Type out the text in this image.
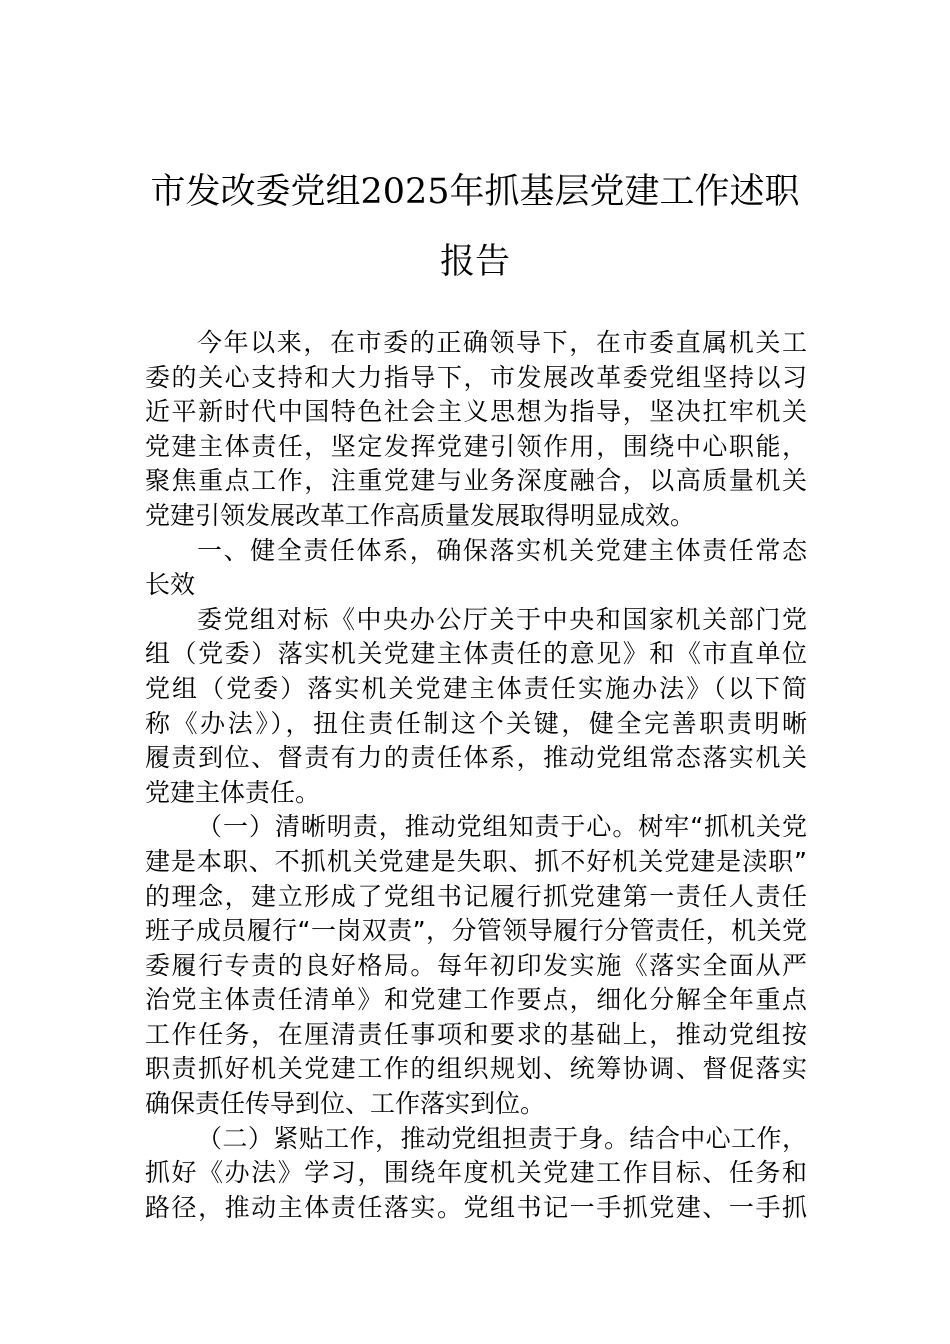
市发改委党组2025年抓基层党建工作述职
报告
今年以来，在市委的正确领导下，在市委直属机关工
委的关心支持和大力指导下，市发展改革委党组坚持以习
近平新时代中国特色社会主义思想为指导，坚决扛牢机关
党建主体责任，坚定发挥党建引领作用，围绕中心职能，
聚焦重点工作，注重党建与业务深度融合，以高质量机关
党建引领发展改革工作高质量发展取得明显成效。
一、健全责任体系，确保落实机关党建主体责任常态
长效
委党组对标《中央办公厅关于中央和国家机关部门党
组（党委）落实机关党建主体责任的意见》和《市直单位
党组（党委）落实机关党建主体责任实施办法》（以下简
称《办法》），扭住责任制这个关键，健全完善职责明晰
履责到位、督责有力的责任体系，推动党组常态落实机关
党建主体责任。
（一）清晰明责，推动党组知责于心。树牢“抓机关党
建是本职、不抓机关党建是失职、抓不好机关党建是渎职”
的理念，建立形成了党组书记履行抓党建第一责任人责任
班子成员履行“一岗双责”，分管领导履行分管责任，机关党
委履行专责的良好格局。每年初印发实施《落实全面从严
治党主体责任清单》和党建工作要点，细化分解全年重点
工作任务，在厘清责任事项和要求的基础上，推动党组按
职责抓好机关党建工作的组织规划、统筹协调、督促落实
确保责任传导到位、工作落实到位。
（二）紧贴工作，推动党组担责于身。结合中心工作，
抓好《办法》学习，围绕年度机关党建工作目标、任务和
路径，推动主体责任落实。党组书记一手抓党建、一手抓
